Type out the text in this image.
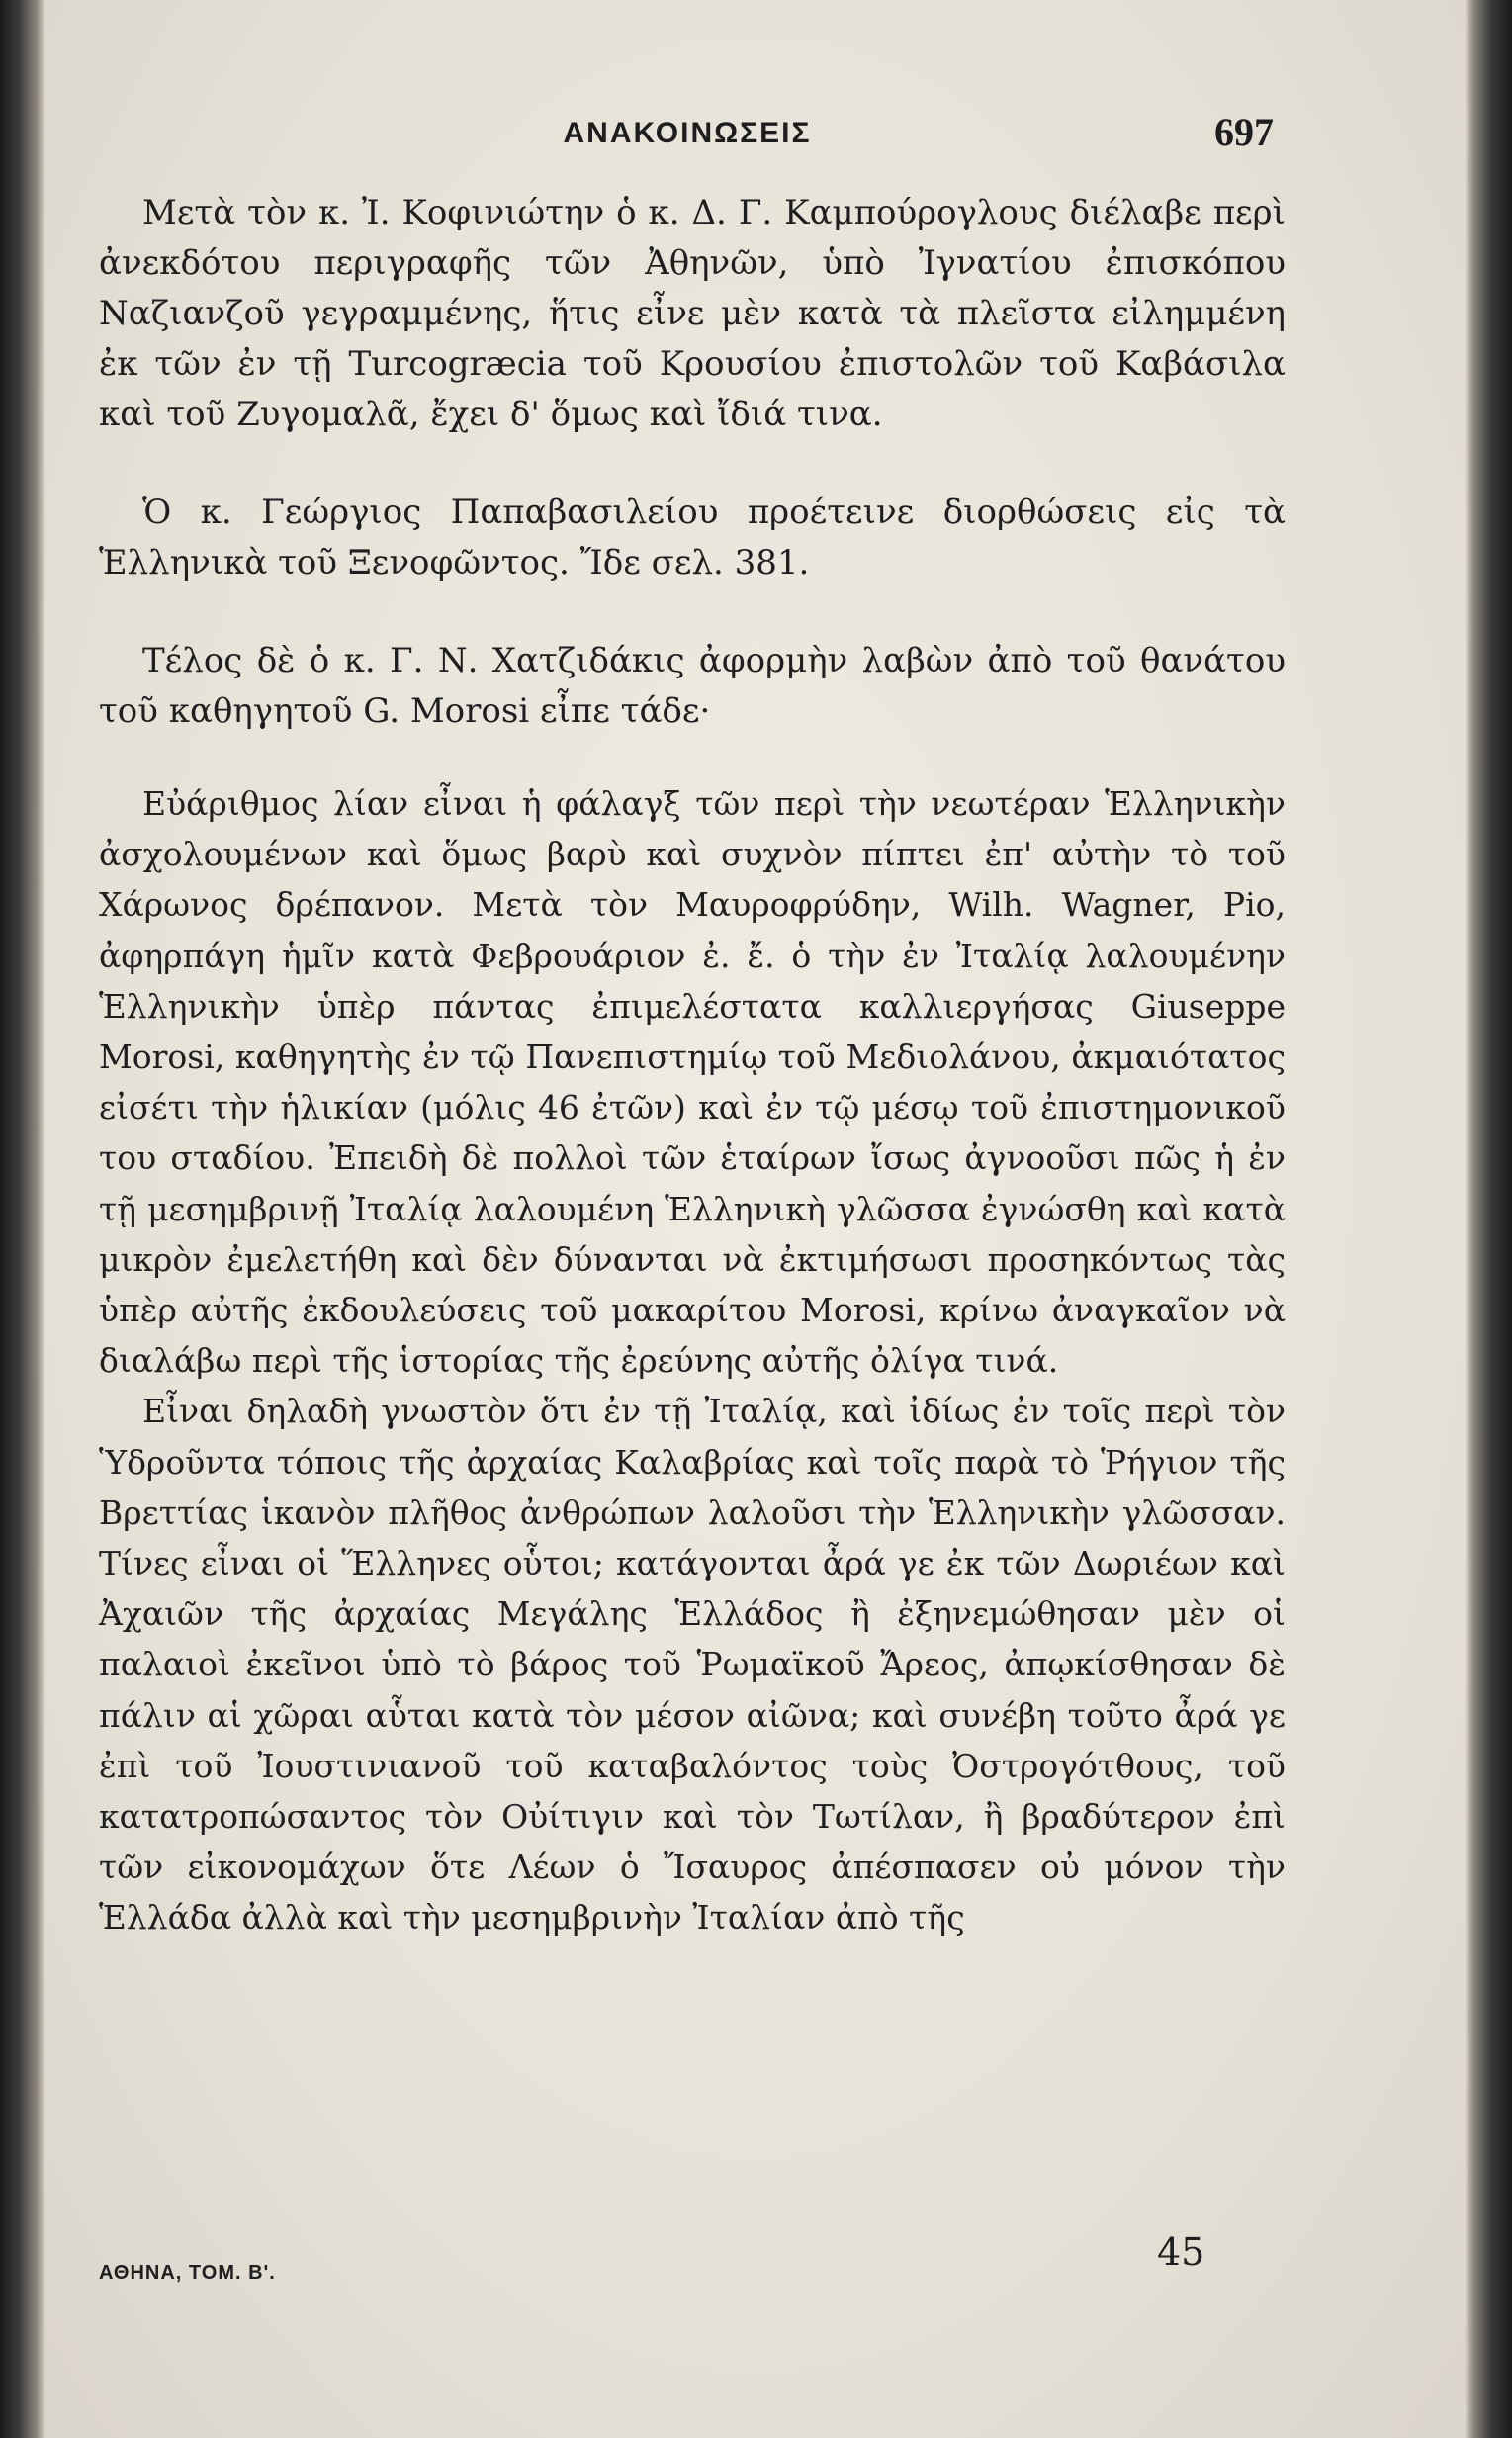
ΑΝΑΚΟΙΝΩΣΕΙΣ	697

Μετὰ τὸν κ. Ἰ. Κοφινιώτην ὁ κ. Δ. Γ. Καμπούρογλους διέλαβε περὶ ἀνεκδότου περιγραφῆς τῶν Ἀθηνῶν, ὑπὸ Ἰγνατίου ἐπισκόπου Ναζιανζοῦ γεγραμμένης, ἥτις εἶνε μὲν κατὰ τὰ πλεῖστα εἰλημμένη ἐκ τῶν ἐν τῇ Turcogræcia τοῦ Κρουσίου ἐπιστολῶν τοῦ Καβάσιλα καὶ τοῦ Ζυγομαλᾶ, ἔχει δ' ὅμως καὶ ἴδιά τινα.

Ὁ κ. Γεώργιος Παπαβασιλείου προέτεινε διορθώσεις εἰς τὰ Ἑλληνικὰ τοῦ Ξενοφῶντος. Ἴδε σελ. 381.

Τέλος δὲ ὁ κ. Γ. Ν. Χατζιδάκις ἀφορμὴν λαβὼν ἀπὸ τοῦ θανάτου τοῦ καθηγητοῦ G. Morosi εἶπε τάδε·

Εὐάριθμος λίαν εἶναι ἡ φάλαγξ τῶν περὶ τὴν νεωτέραν Ἑλληνικὴν ἀσχολουμένων καὶ ὅμως βαρὺ καὶ συχνὸν πίπτει ἐπ' αὐτὴν τὸ τοῦ Χάρωνος δρέπανον. Μετὰ τὸν Μαυροφρύδην, Wilh. Wagner, Pio, ἀφηρπάγη ἡμῖν κατὰ Φεβρουάριον ἐ. ἔ. ὁ τὴν ἐν Ἰταλίᾳ λαλουμένην Ἑλληνικὴν ὑπὲρ πάντας ἐπιμελέστατα καλλιεργήσας Giuseppe Morosi, καθηγητὴς ἐν τῷ Πανεπιστημίῳ τοῦ Μεδιολάνου, ἀκμαιότατος εἰσέτι τὴν ἡλικίαν (μόλις 46 ἐτῶν) καὶ ἐν τῷ μέσῳ τοῦ ἐπιστημονικοῦ του σταδίου. Ἐπειδὴ δὲ πολλοὶ τῶν ἑταίρων ἴσως ἀγνοοῦσι πῶς ἡ ἐν τῇ μεσημβρινῇ Ἰταλίᾳ λαλουμένη Ἑλληνικὴ γλῶσσα ἐγνώσθη καὶ κατὰ μικρὸν ἐμελετήθη καὶ δὲν δύνανται νὰ ἐκτιμήσωσι προσηκόντως τὰς ὑπὲρ αὐτῆς ἐκδουλεύσεις τοῦ μακαρίτου Morosi, κρίνω ἀναγκαῖον νὰ διαλάβω περὶ τῆς ἱστορίας τῆς ἐρεύνης αὐτῆς ὀλίγα τινά.

Εἶναι δηλαδὴ γνωστὸν ὅτι ἐν τῇ Ἰταλίᾳ, καὶ ἰδίως ἐν τοῖς περὶ τὸν Ὑδροῦντα τόποις τῆς ἀρχαίας Καλαβρίας καὶ τοῖς παρὰ τὸ Ῥήγιον τῆς Βρεττίας ἱκανὸν πλῆθος ἀνθρώπων λαλοῦσι τὴν Ἑλληνικὴν γλῶσσαν. Τίνες εἶναι οἱ Ἕλληνες οὗτοι; κατάγονται ἆρά γε ἐκ τῶν Δωριέων καὶ Ἀχαιῶν τῆς ἀρχαίας Μεγάλης Ἑλλάδος ἢ ἐξηνεμώθησαν μὲν οἱ παλαιοὶ ἐκεῖνοι ὑπὸ τὸ βάρος τοῦ Ῥωμαϊκοῦ Ἄρεος, ἀπῳκίσθησαν δὲ πάλιν αἱ χῶραι αὗται κατὰ τὸν μέσον αἰῶνα; καὶ συνέβη τοῦτο ἆρά γε ἐπὶ τοῦ Ἰουστινιανοῦ τοῦ καταβαλόντος τοὺς Ὀστρογότθους, τοῦ κατατροπώσαντος τὸν Οὐίτιγιν καὶ τὸν Τωτίλαν, ἢ βραδύτερον ἐπὶ τῶν εἰκονομάχων ὅτε Λέων ὁ Ἴσαυρος ἀπέσπασεν οὐ μόνον τὴν Ἑλλάδα ἀλλὰ καὶ τὴν μεσημβρινὴν Ἰταλίαν ἀπὸ τῆς

45
ΑΘΗΝΑ, ΤΟΜ. Β'.
